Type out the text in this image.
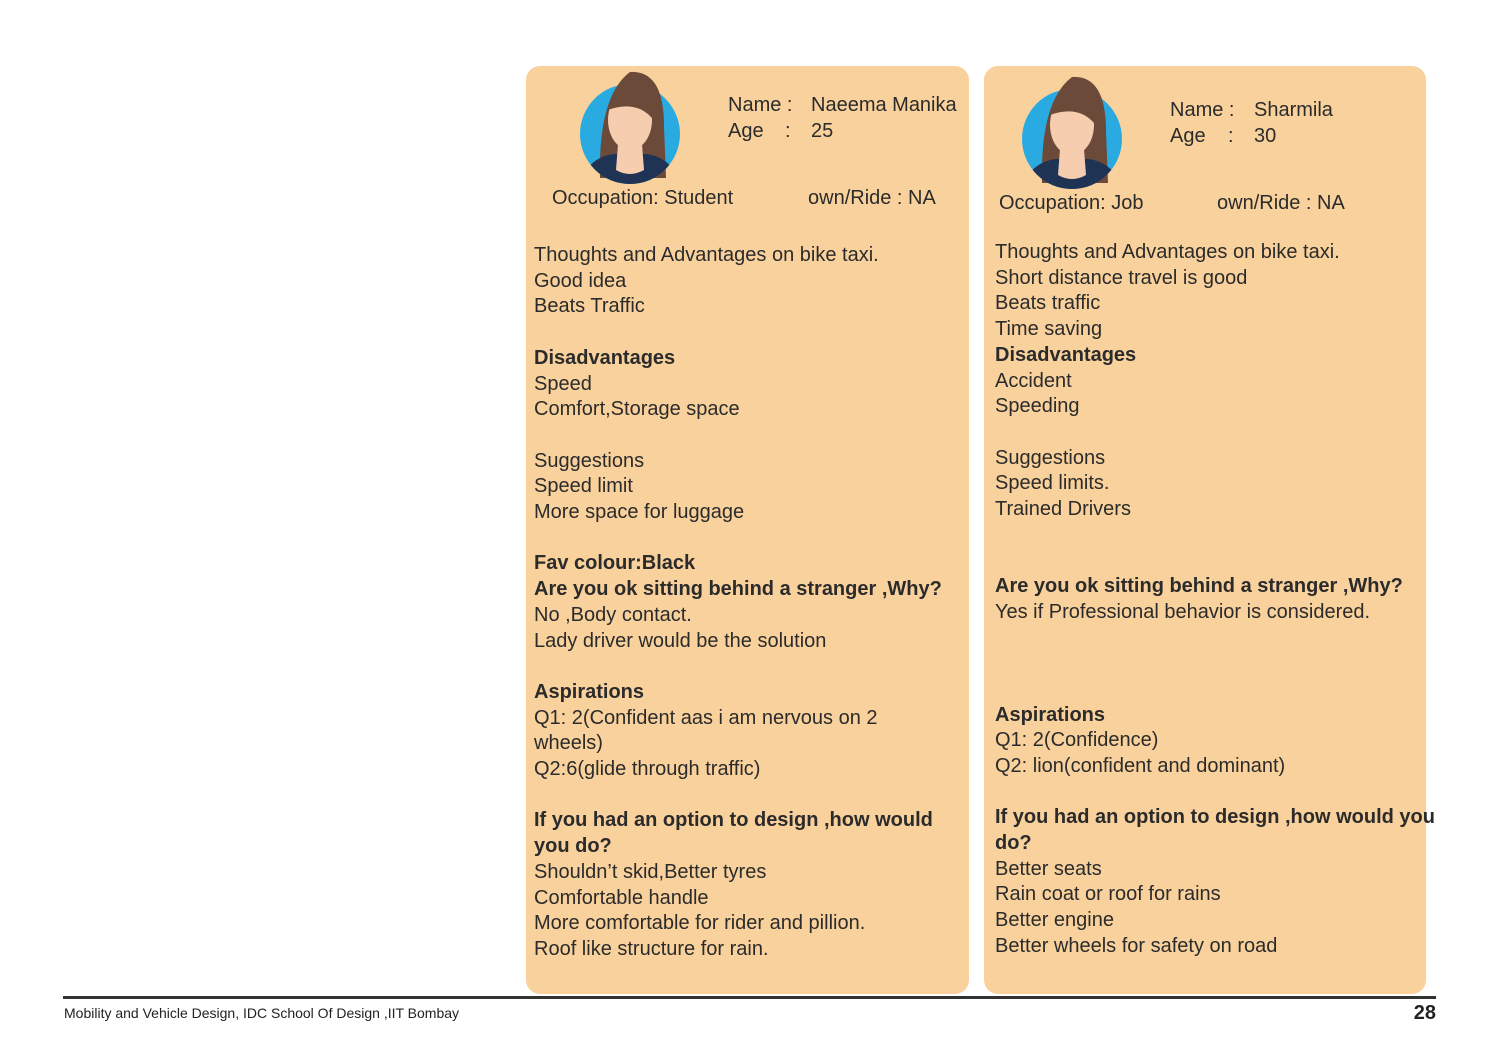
Name : Naeema Manika
Age : 25
Occupation: Student	own/Ride : NA
Thoughts and Advantages on bike taxi.
Good idea
Beats Traffic
Disadvantages
Speed
Comfort,Storage space
Suggestions
Speed limit
More space for luggage
Fav colour:Black
Are you ok sitting behind a stranger ,Why?
No ,Body contact.
Lady driver would be the solution
Aspirations
Q1: 2(Confident aas i am nervous on 2
wheels)
Q2:6(glide through traffic)
If you had an option to design ,how would
you do?
Shouldn’t skid,Better tyres
Comfortable handle
More comfortable for rider and pillion.
Roof like structure for rain.
Name : Sharmila
Age : 30
Occupation: Job	own/Ride : NA
Thoughts and Advantages on bike taxi.
Short distance travel is good
Beats traffic
Time saving
Disadvantages
Accident
Speeding
Suggestions
Speed limits.
Trained Drivers
Are you ok sitting behind a stranger ,Why?
Yes if Professional behavior is considered.
Aspirations
Q1: 2(Confidence)
Q2: lion(confident and dominant)
If you had an option to design ,how would you
do?
Better seats
Rain coat or roof for rains
Better engine
Better wheels for safety on road
Mobility and Vehicle Design, IDC School Of Design ,IIT Bombay	28
